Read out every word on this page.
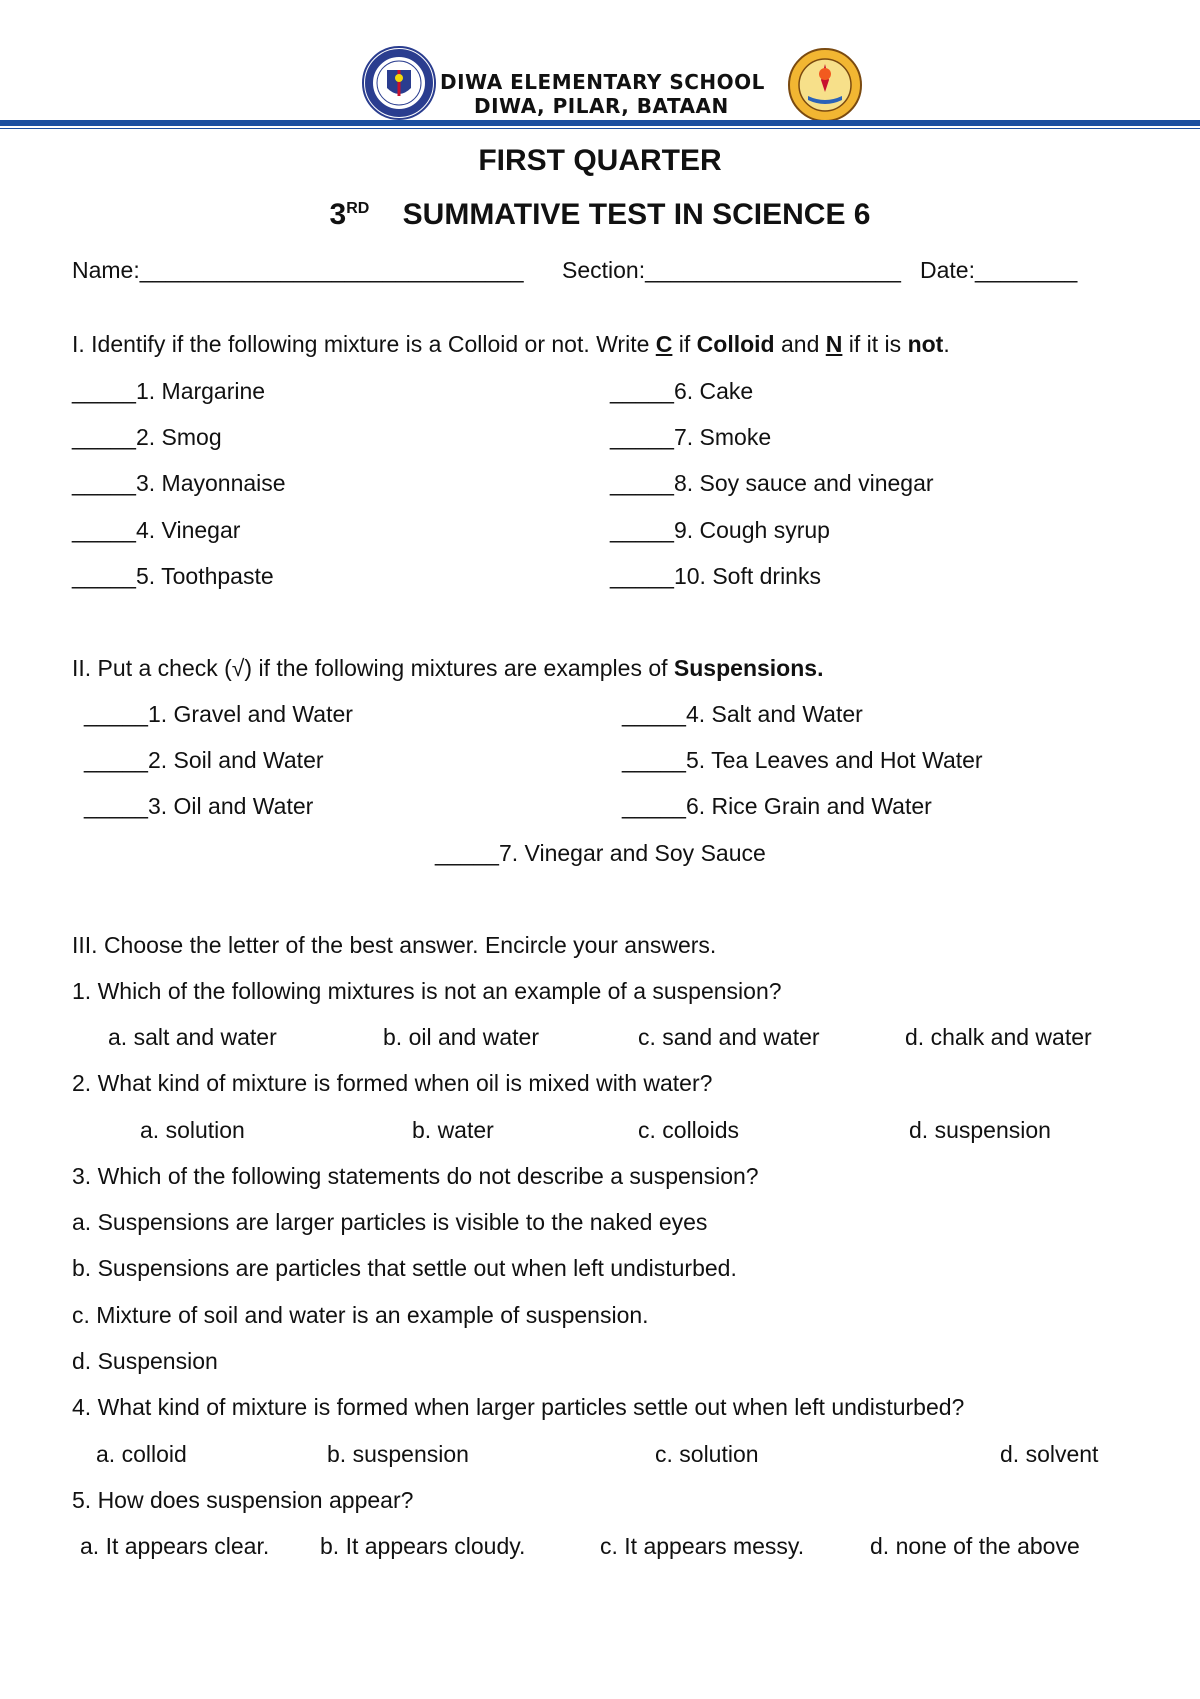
DIWA ELEMENTARY SCHOOL
DIWA, PILAR, BATAAN
FIRST QUARTER
3RD SUMMATIVE TEST IN SCIENCE 6
Name:______________________________ Section:____________________ Date:________
I. Identify if the following mixture is a Colloid or not. Write C if Colloid and N if it is not.
_____1. Margarine
_____2. Smog
_____3. Mayonnaise
_____4. Vinegar
_____5. Toothpaste
_____6. Cake
_____7. Smoke
_____8. Soy sauce and vinegar
_____9. Cough syrup
_____10. Soft drinks
II. Put a check (√) if the following mixtures are examples of Suspensions.
_____1. Gravel and Water
_____2. Soil and Water
_____3. Oil and Water
_____4. Salt and Water
_____5. Tea Leaves and Hot Water
_____6. Rice Grain and Water
_____7. Vinegar and Soy Sauce
III. Choose the letter of the best answer. Encircle your answers.
1. Which of the following mixtures is not an example of a suspension?
a. salt and water	b. oil and water	c. sand and water	d. chalk and water
2. What kind of mixture is formed when oil is mixed with water?
a. solution	b. water	c. colloids	d. suspension
3. Which of the following statements do not describe a suspension?
a. Suspensions are larger particles is visible to the naked eyes
b. Suspensions are particles that settle out when left undisturbed.
c. Mixture of soil and water is an example of suspension.
d. Suspension
4. What kind of mixture is formed when larger particles settle out when left undisturbed?
a. colloid	b. suspension	c. solution	d. solvent
5. How does suspension appear?
a. It appears clear. b. It appears cloudy.	c. It appears messy.	d. none of the above
